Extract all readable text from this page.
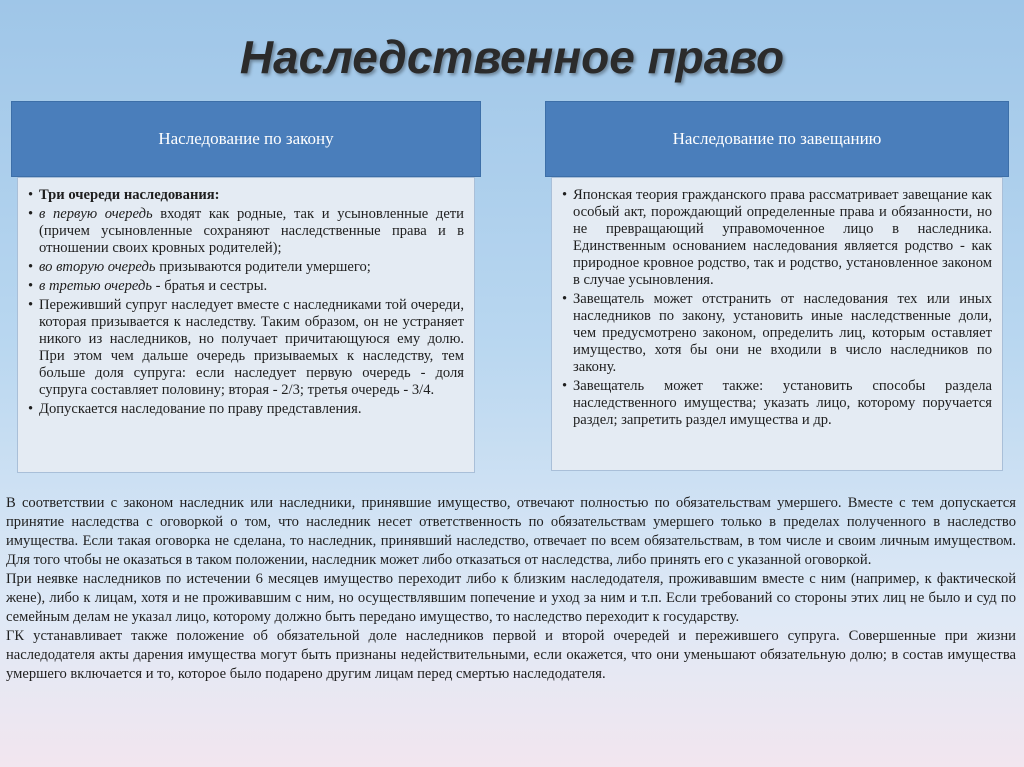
Наследственное право
Наследование по закону
• Три очереди наследования:
• в первую очередь входят как родные, так и усыновленные дети (причем усыновленные сохраняют наследственные права и в отношении своих кровных родителей);
• во вторую очередь призываются родители умершего;
• в третью очередь - братья и сестры.
• Переживший супруг наследует вместе с наследниками той очереди, которая призывается к наследству. Таким образом, он не устраняет никого из наследников, но получает причитающуюся ему долю. При этом чем дальше очередь призываемых к наследству, тем больше доля супруга: если наследует первую очередь - доля супруга составляет половину; вторая - 2/3; третья очередь - 3/4.
• Допускается наследование по праву представления.
Наследование по завещанию
• Японская теория гражданского права рассматривает завещание как особый акт, порождающий определенные права и обязанности, но не превращающий управомоченное лицо в наследника. Единственным основанием наследования является родство - как природное кровное родство, так и родство, установленное законом в случае усыновления.
• Завещатель может отстранить от наследования тех или иных наследников по закону, установить иные наследственные доли, чем предусмотрено законом, определить лиц, которым оставляет имущество, хотя бы они не входили в число наследников по закону.
• Завещатель может также: установить способы раздела наследственного имущества; указать лицо, которому поручается раздел; запретить раздел имущества и др.

В соответствии с законом наследник или наследники, принявшие имущество, отвечают полностью по обязательствам умершего. Вместе с тем допускается принятие наследства с оговоркой о том, что наследник несет ответственность по обязательствам умершего только в пределах полученного в наследство имущества. Если такая оговорка не сделана, то наследник, принявший наследство, отвечает по всем обязательствам, в том числе и своим личным имуществом. Для того чтобы не оказаться в таком положении, наследник может либо отказаться от наследства, либо принять его с указанной оговоркой.

При неявке наследников по истечении 6 месяцев имущество переходит либо к близким наследодателя, проживавшим вместе с ним (например, к фактической жене), либо к лицам, хотя и не проживавшим с ним, но осуществлявшим попечение и уход за ним и т.п. Если требований со стороны этих лиц не было и суд по семейным делам не указал лицо, которому должно быть передано имущество, то наследство переходит к государству.

ГК устанавливает также положение об обязательной доле наследников первой и второй очередей и пережившего супруга. Совершенные при жизни наследодателя акты дарения имущества могут быть признаны недействительными, если окажется, что они уменьшают обязательную долю; в состав имущества умершего включается и то, которое было подарено другим лицам перед смертью наследодателя.
